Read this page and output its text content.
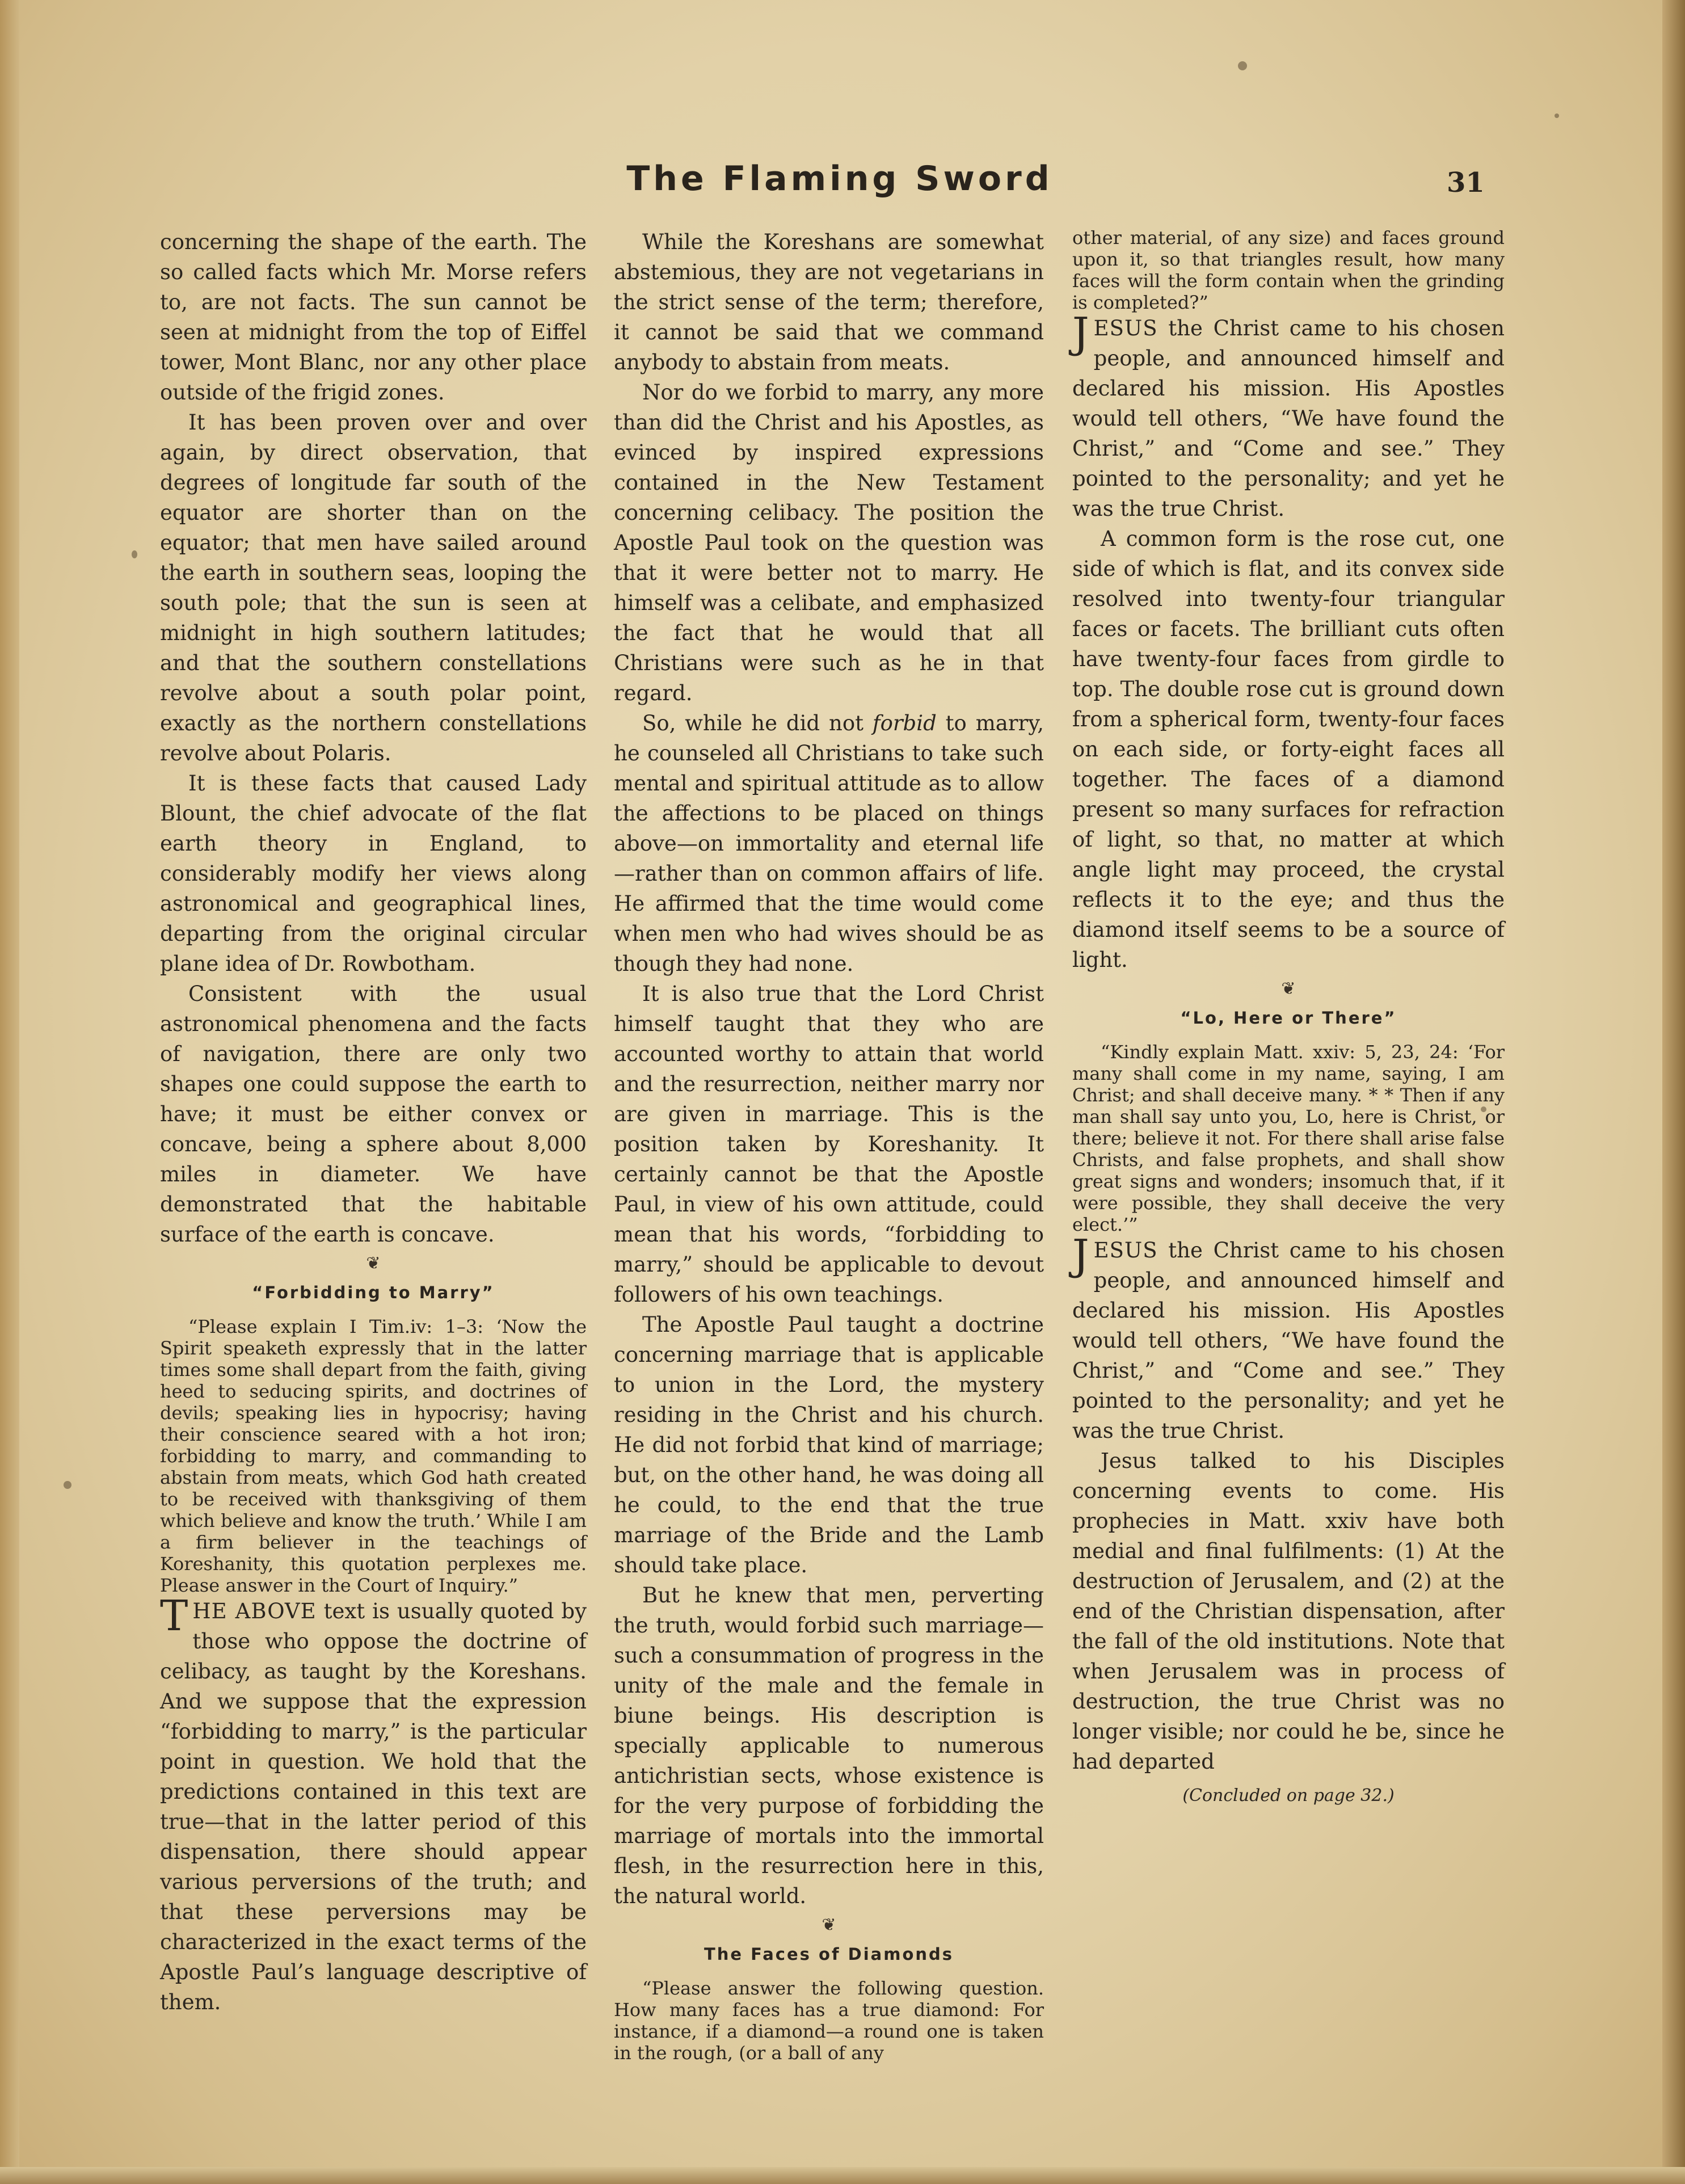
The Flaming Sword	31

concerning the shape of the earth. The so called facts which Mr. Morse refers to, are not facts. The sun cannot be seen at midnight from the top of Eiffel tower, Mont Blanc, nor any other place outside of the frigid zones.

It has been proven over and over again, by direct observation, that degrees of longitude far south of the equator are shorter than on the equator; that men have sailed around the earth in southern seas, looping the south pole; that the sun is seen at midnight in high southern latitudes; and that the southern constellations revolve about a south polar point, exactly as the northern constellations revolve about Polaris.

It is these facts that caused Lady Blount, the chief advocate of the flat earth theory in England, to considerably modify her views along astronomical and geographical lines, departing from the original circular plane idea of Dr. Rowbotham.

Consistent with the usual astronomical phenomena and the facts of navigation, there are only two shapes one could suppose the earth to have; it must be either convex or concave, being a sphere about 8,000 miles in diameter. We have demonstrated that the habitable surface of the earth is concave.

❦
“Forbidding to Marry”

“Please explain I Tim.iv: 1–3: ‘Now the Spirit speaketh expressly that in the latter times some shall depart from the faith, giving heed to seducing spirits, and doctrines of devils; speaking lies in hypocrisy; having their conscience seared with a hot iron; forbidding to marry, and commanding to abstain from meats, which God hath created to be received with thanksgiving of them which believe and know the truth.’ While I am a firm believer in the teachings of Koreshanity, this quotation perplexes me. Please answer in the Court of Inquiry.”

THE ABOVE text is usually quoted by those who oppose the doctrine of celibacy, as taught by the Koreshans. And we suppose that the expression “forbidding to marry,” is the particular point in question. We hold that the predictions contained in this text are true—that in the latter period of this dispensation, there should appear various perversions of the truth; and that these perversions may be characterized in the exact terms of the Apostle Paul’s language descriptive of them.

While the Koreshans are somewhat abstemious, they are not vegetarians in the strict sense of the term; therefore, it cannot be said that we command anybody to abstain from meats.

Nor do we forbid to marry, any more than did the Christ and his Apostles, as evinced by inspired expressions contained in the New Testament concerning celibacy. The position the Apostle Paul took on the question was that it were better not to marry. He himself was a celibate, and emphasized the fact that he would that all Christians were such as he in that regard.

So, while he did not forbid to marry, he counseled all Christians to take such mental and spiritual attitude as to allow the affections to be placed on things above—on immortality and eternal life—rather than on common affairs of life. He affirmed that the time would come when men who had wives should be as though they had none.

It is also true that the Lord Christ himself taught that they who are accounted worthy to attain that world and the resurrection, neither marry nor are given in marriage. This is the position taken by Koreshanity. It certainly cannot be that the Apostle Paul, in view of his own attitude, could mean that his words, “forbidding to marry,” should be applicable to devout followers of his own teachings.

The Apostle Paul taught a doctrine concerning marriage that is applicable to union in the Lord, the mystery residing in the Christ and his church. He did not forbid that kind of marriage; but, on the other hand, he was doing all he could, to the end that the true marriage of the Bride and the Lamb should take place.

But he knew that men, perverting the truth, would forbid such marriage—such a consummation of progress in the unity of the male and the female in biune beings. His description is specially applicable to numerous antichristian sects, whose existence is for the very purpose of forbidding the marriage of mortals into the immortal flesh, in the resurrection here in this, the natural world.

❦
The Faces of Diamonds

“Please answer the following question. How many faces has a true diamond: For instance, if a diamond—a round one is taken in the rough, (or a ball of any

other material, of any size) and faces ground upon it, so that triangles result, how many faces will the form contain when the grinding is completed?”

JESUS the Christ came to his chosen people, and announced himself and declared his mission. His Apostles would tell others, “We have found the Christ,” and “Come and see.” They pointed to the personality; and yet he was the true Christ.

A common form is the rose cut, one side of which is flat, and its convex side resolved into twenty-four triangular faces or facets. The brilliant cuts often have twenty-four faces from girdle to top. The double rose cut is ground down from a spherical form, twenty-four faces on each side, or forty-eight faces all together. The faces of a diamond present so many surfaces for refraction of light, so that, no matter at which angle light may proceed, the crystal reflects it to the eye; and thus the diamond itself seems to be a source of light.

❦
“Lo, Here or There”

“Kindly explain Matt. xxiv: 5, 23, 24: ‘For many shall come in my name, saying, I am Christ; and shall deceive many. * * Then if any man shall say unto you, Lo, here is Christ, or there; believe it not. For there shall arise false Christs, and false prophets, and shall show great signs and wonders; insomuch that, if it were possible, they shall deceive the very elect.’”

JESUS the Christ came to his chosen people, and announced himself and declared his mission. His Apostles would tell others, “We have found the Christ,” and “Come and see.” They pointed to the personality; and yet he was the true Christ.

Jesus talked to his Disciples concerning events to come. His prophecies in Matt. xxiv have both medial and final fulfilments: (1) At the destruction of Jerusalem, and (2) at the end of the Christian dispensation, after the fall of the old institutions. Note that when Jerusalem was in process of destruction, the true Christ was no longer visible; nor could he be, since he had departed

(Concluded on page 32.)
